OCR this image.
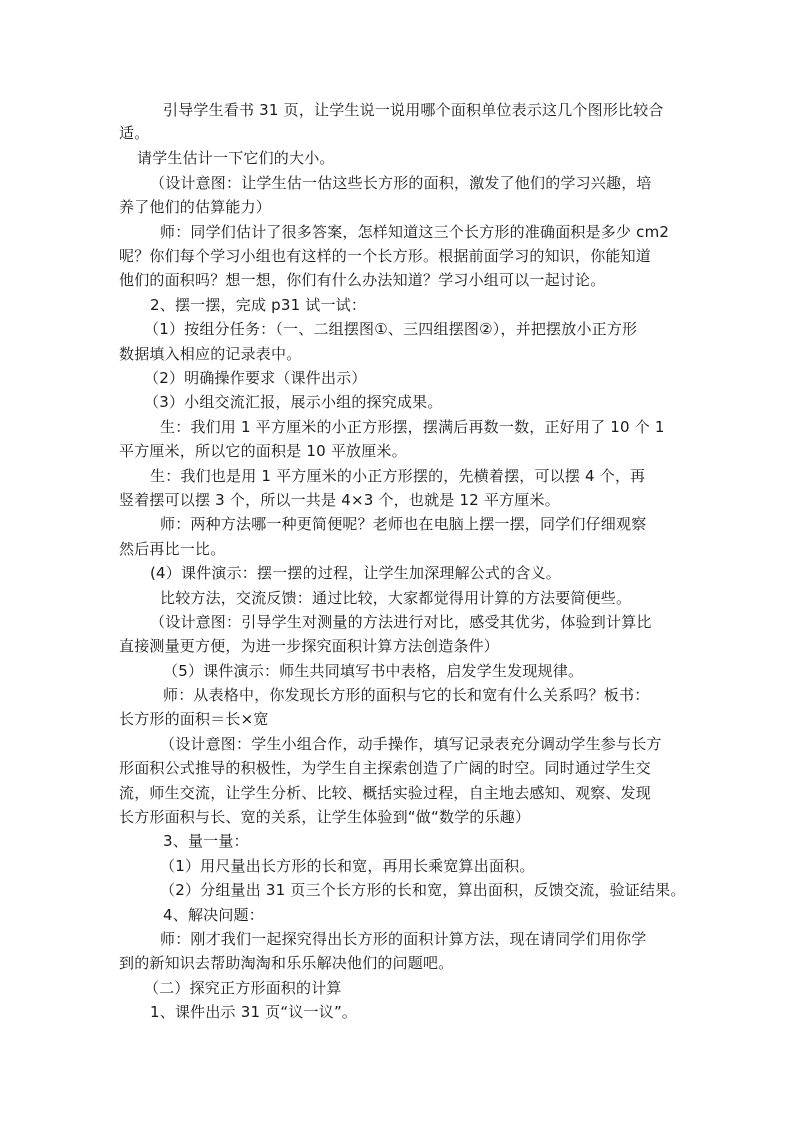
引导学生看书 31 页，让学生说一说用哪个面积单位表示这几个图形比较合
适。
请学生估计一下它们的大小。
（设计意图：让学生估一估这些长方形的面积，激发了他们的学习兴趣，培
养了他们的估算能力）
师：同学们估计了很多答案，怎样知道这三个长方形的准确面积是多少 cm2
呢？你们每个学习小组也有这样的一个长方形。根据前面学习的知识，你能知道
他们的面积吗？想一想，你们有什么办法知道？学习小组可以一起讨论。
2、摆一摆，完成 p31 试一试：
（1）按组分任务：（一、二组摆图①、三四组摆图②），并把摆放小正方形
数据填入相应的记录表中。
（2）明确操作要求（课件出示）
（3）小组交流汇报，展示小组的探究成果。
生：我们用 1 平方厘米的小正方形摆，摆满后再数一数，正好用了 10 个 1
平方厘米，所以它的面积是 10 平放厘米。
生：我们也是用 1 平方厘米的小正方形摆的，先横着摆，可以摆 4 个，再
竖着摆可以摆 3 个，所以一共是 4×3 个，也就是 12 平方厘米。
师：两种方法哪一种更简便呢？老师也在电脑上摆一摆，同学们仔细观察
然后再比一比。
(4）课件演示：摆一摆的过程，让学生加深理解公式的含义。
比较方法，交流反馈：通过比较，大家都觉得用计算的方法要简便些。
（设计意图：引导学生对测量的方法进行对比，感受其优劣，体验到计算比
直接测量更方便，为进一步探究面积计算方法创造条件）
（5）课件演示：师生共同填写书中表格，启发学生发现规律。
师：从表格中，你发现长方形的面积与它的长和宽有什么关系吗？板书：
长方形的面积＝长×宽
（设计意图：学生小组合作，动手操作，填写记录表充分调动学生参与长方
形面积公式推导的积极性，为学生自主探索创造了广阔的时空。同时通过学生交
流，师生交流，让学生分析、比较、概括实验过程，自主地去感知、观察、发现
长方形面积与长、宽的关系，让学生体验到“做“数学的乐趣）
3、量一量：
（1）用尺量出长方形的长和宽，再用长乘宽算出面积。
（2）分组量出 31 页三个长方形的长和宽，算出面积，反馈交流，验证结果。
4、解决问题：
师：刚才我们一起探究得出长方形的面积计算方法，现在请同学们用你学
到的新知识去帮助淘淘和乐乐解决他们的问题吧。
（二）探究正方形面积的计算
1、课件出示 31 页“议一议”。
